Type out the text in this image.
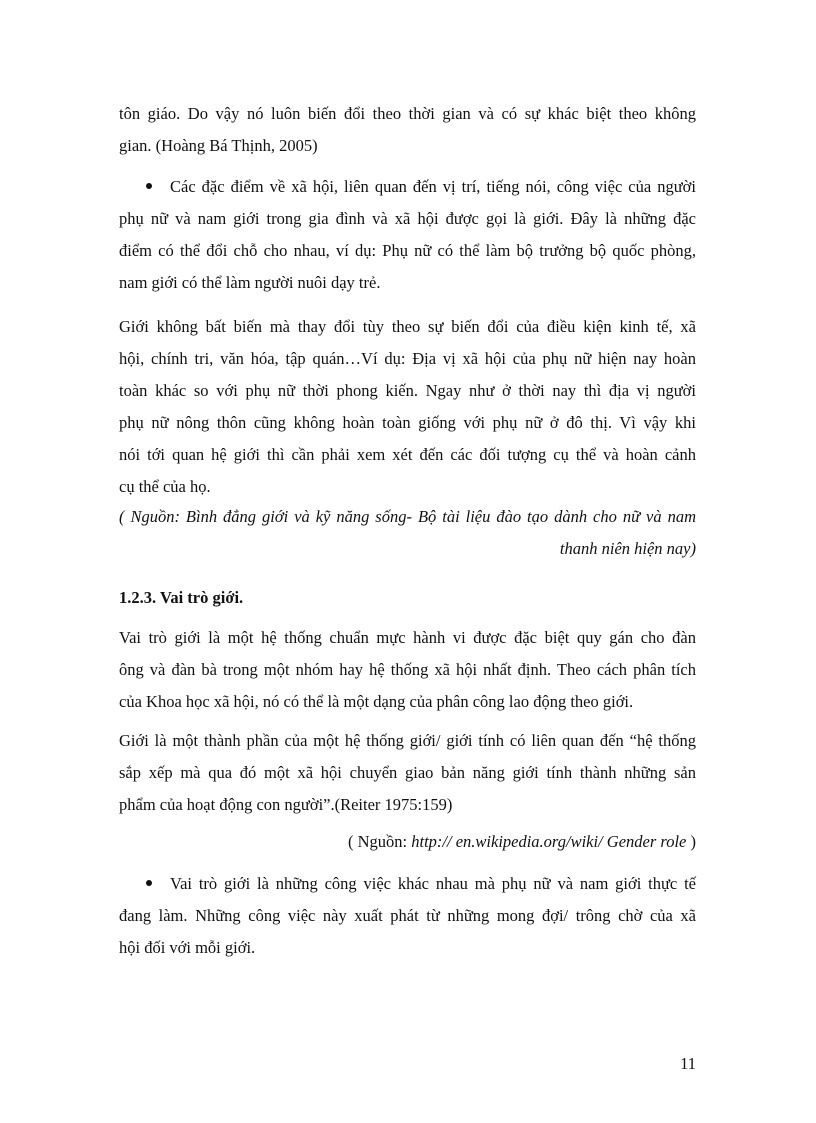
tôn giáo. Do vậy nó luôn biến đổi theo thời gian và có sự khác biệt theo không
gian. (Hoàng Bá Thịnh, 2005)
Các đặc điểm về xã hội, liên quan đến vị trí, tiếng nói, công việc của người
phụ nữ và nam giới trong gia đình và xã hội được gọi là giới. Đây là những đặc
điểm có thể đổi chỗ cho nhau, ví dụ: Phụ nữ có thể làm bộ trưởng bộ quốc phòng,
nam giới có thể làm người nuôi dạy trẻ.
Giới không bất biến mà thay đổi tùy theo sự biến đổi của điều kiện kinh tế, xã
hội, chính tri, văn hóa, tập quán…Ví dụ: Địa vị xã hội của phụ nữ hiện nay hoàn
toàn khác so với phụ nữ thời phong kiến. Ngay như ở thời nay thì địa vị người
phụ nữ nông thôn cũng không hoàn toàn giống với phụ nữ ở đô thị. Vì vậy khi
nói tới quan hệ giới thì cần phải xem xét đến các đối tượng cụ thể và hoàn cảnh
cụ thể của họ.
( Nguồn: Bình đẳng giới và kỹ năng sống- Bộ tài liệu đào tạo dành cho nữ và nam
thanh niên hiện nay)
1.2.3. Vai trò giới.
Vai trò giới là một hệ thống chuẩn mực hành vi được đặc biệt quy gán cho đàn
ông và đàn bà trong một nhóm hay hệ thống xã hội nhất định. Theo cách phân tích
của Khoa học xã hội, nó có thể là một dạng của phân công lao động theo giới.
Giới là một thành phần của một hệ thống giới/ giới tính có liên quan đến “hệ thống
sắp xếp mà qua đó một xã hội chuyển giao bản năng giới tính thành những sản
phẩm của hoạt động con người”.(Reiter 1975:159)
( Nguồn: http:// en.wikipedia.org/wiki/ Gender role )
Vai trò giới là những công việc khác nhau mà phụ nữ và nam giới thực tế
đang làm. Những công việc này xuất phát từ những mong đợi/ trông chờ của xã
hội đối với mỗi giới.
11
